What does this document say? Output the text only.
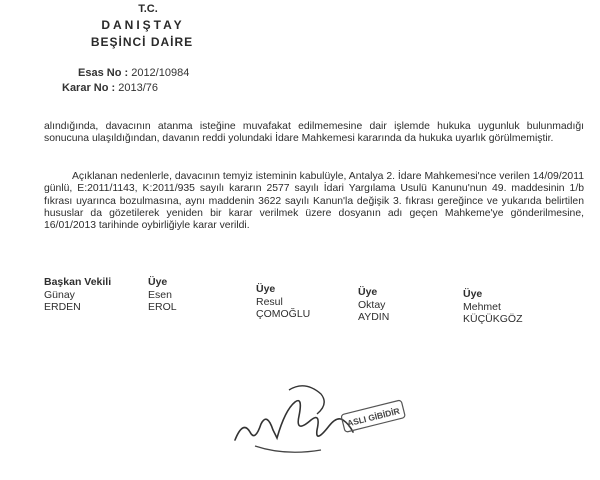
T.C.
DANIŞTAY
BEŞİNCİ DAİRE
Esas No : 2012/10984
Karar No : 2013/76

alındığında, davacının atanma isteğine muvafakat edilmemesine dair işlemde hukuka uygunluk bulunmadığı sonucuna ulaşıldığından, davanın reddi yolundaki İdare Mahkemesi kararında da hukuka uyarlık görülmemiştir.

Açıklanan nedenlerle, davacının temyiz isteminin kabulüyle, Antalya 2. İdare Mahkemesi'nce verilen 14/09/2011 günlü, E:2011/1143, K:2011/935 sayılı kararın 2577 sayılı İdari Yargılama Usulü Kanunu'nun 49. maddesinin 1/b fıkrası uyarınca bozulmasına, aynı maddenin 3622 sayılı Kanun'la değişik 3. fıkrası gereğince ve yukarıda belirtilen hususlar da gözetilerek yeniden bir karar verilmek üzere dosyanın adı geçen Mahkeme'ye gönderilmesine, 16/01/2013 tarihinde oybirliğiyle karar verildi.

Başkan Vekili
Günay
ERDEN
Üye
Esen
EROL
Üye
Resul
ÇOMOĞLU
Üye
Oktay
AYDIN
Üye
Mehmet
KÜÇÜKGÖZ
ASLI GİBİDİR
